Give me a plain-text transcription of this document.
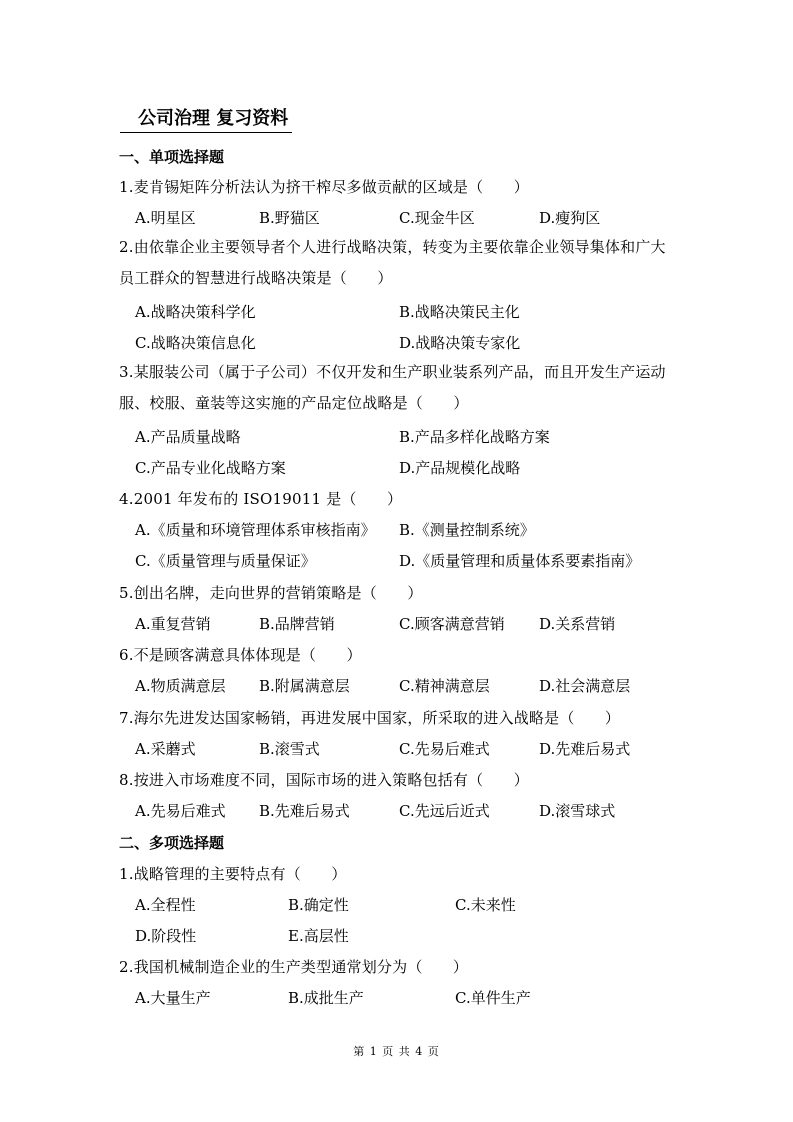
公司治理 复习资料
一、单项选择题
1.麦肯锡矩阵分析法认为挤干榨尽多做贡献的区域是（　　）
A.明星区	B.野猫区	C.现金牛区	D.瘦狗区
2.由依靠企业主要领导者个人进行战略决策，转变为主要依靠企业领导集体和广大员工群众的智慧进行战略决策是（　　）
A.战略决策科学化	B.战略决策民主化
C.战略决策信息化	D.战略决策专家化
3.某服装公司（属于子公司）不仅开发和生产职业装系列产品，而且开发生产运动服、校服、童装等这实施的产品定位战略是（　　）
A.产品质量战略	B.产品多样化战略方案
C.产品专业化战略方案	D.产品规模化战略
4.2001 年发布的 ISO19011 是（　　）
A.《质量和环境管理体系审核指南》 B.《测量控制系统》
C.《质量管理与质量保证》	D.《质量管理和质量体系要素指南》
5.创出名牌，走向世界的营销策略是（　　）
A.重复营销	B.品牌营销	C.顾客满意营销 D.关系营销
6.不是顾客满意具体体现是（　　）
A.物质满意层 B.附属满意层	C.精神满意层	D.社会满意层
7.海尔先进发达国家畅销，再进发展中国家，所采取的进入战略是（　　）
A.采蘑式	B.滚雪式	C.先易后难式	D.先难后易式
8.按进入市场难度不同，国际市场的进入策略包括有（　　）
A.先易后难式 B.先难后易式	C.先远后近式	D.滚雪球式
二、多项选择题
1.战略管理的主要特点有（　　）
A.全程性	B.确定性	C.未来性
D.阶段性	E.高层性
2.我国机械制造企业的生产类型通常划分为（　　）
A.大量生产	B.成批生产	C.单件生产
第 1 页 共 4 页
